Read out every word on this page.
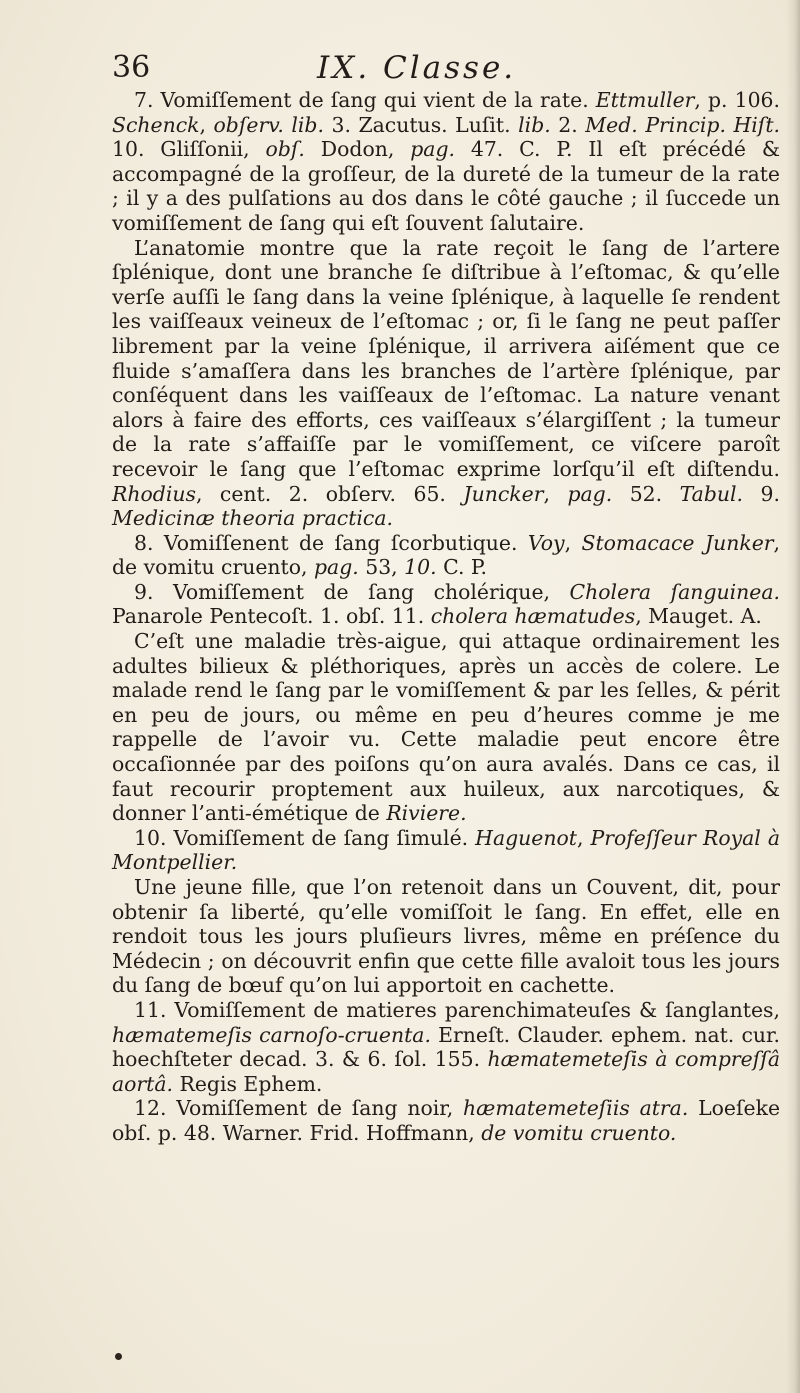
36	IX. Classe.

7. Vomiſſement de ſang qui vient de la rate. Ettmuller, p. 106. Schenck, obſerv. lib. 3. Zacutus. Luſit. lib. 2. Med. Princip. Hiſt. 10. Gliſſonii, obſ. Dodon, pag. 47. C. P. Il eſt précédé & accompagné de la groſſeur, de la dureté de la tumeur de la rate ; il y a des pulſations au dos dans le côté gauche ; il ſuccede un vomiſſement de ſang qui eſt ſouvent ſalutaire.

L’anatomie montre que la rate reçoit le ſang de l’artere ſplénique, dont une branche ſe diſtribue à l’eſtomac, & qu’elle verſe auſſi le ſang dans la veine ſplénique, à laquelle ſe rendent les vaiſſeaux veineux de l’eſtomac ; or, ſi le ſang ne peut paſſer librement par la veine ſplénique, il arrivera aiſément que ce fluide s’amaſſera dans les branches de l’artère ſplénique, par conſéquent dans les vaiſſeaux de l’eſtomac. La nature venant alors à faire des efforts, ces vaiſſeaux s’élargiſſent ; la tumeur de la rate s’affaiſſe par le vomiſſement, ce viſcere paroît recevoir le ſang que l’eſtomac exprime lorſqu’il eſt diſtendu. Rhodius, cent. 2. obſerv. 65. Juncker, pag. 52. Tabul. 9. Medicinæ theoria practica.

8. Vomiſſenent de ſang ſcorbutique. Voy, Stomacace Junker, de vomitu cruento, pag. 53, 10. C. P.

9. Vomiſſement de ſang cholérique, Cholera ſanguinea. Panarole Pentecoſt. 1. obſ. 11. cholera hæmatudes, Mauget. A.

C’eſt une maladie très-aigue, qui attaque ordinairement les adultes bilieux & pléthoriques, après un accès de colere. Le malade rend le ſang par le vomiſſement & par les ſelles, & périt en peu de jours, ou même en peu d’heures comme je me rappelle de l’avoir vu. Cette maladie peut encore être occaſionnée par des poiſons qu’on aura avalés. Dans ce cas, il faut recourir proptement aux huileux, aux narcotiques, & donner l’anti-émétique de Riviere.

10. Vomiſſement de ſang ſimulé. Haguenot, Profeſſeur Royal à Montpellier.

Une jeune fille, que l’on retenoit dans un Couvent, dit, pour obtenir ſa liberté, qu’elle vomiſſoit le ſang. En effet, elle en rendoit tous les jours pluſieurs livres, même en préſence du Médecin ; on découvrit enfin que cette fille avaloit tous les jours du ſang de bœuf qu’on lui apportoit en cachette.

11. Vomiſſement de matieres parenchimateuſes & ſanglantes, hæmatemeſis carnoſo-cruenta. Erneſt. Clauder. ephem. nat. cur. hoechſteter decad. 3. & 6. ſol. 155. hæmatemeteſis à compreſſâ aortâ. Regis Ephem.

12. Vomiſſement de ſang noir, hæmatemeteſiis atra. Loeſeke obſ. p. 48. Warner. Frid. Hoffmann, de vomitu cruento.
